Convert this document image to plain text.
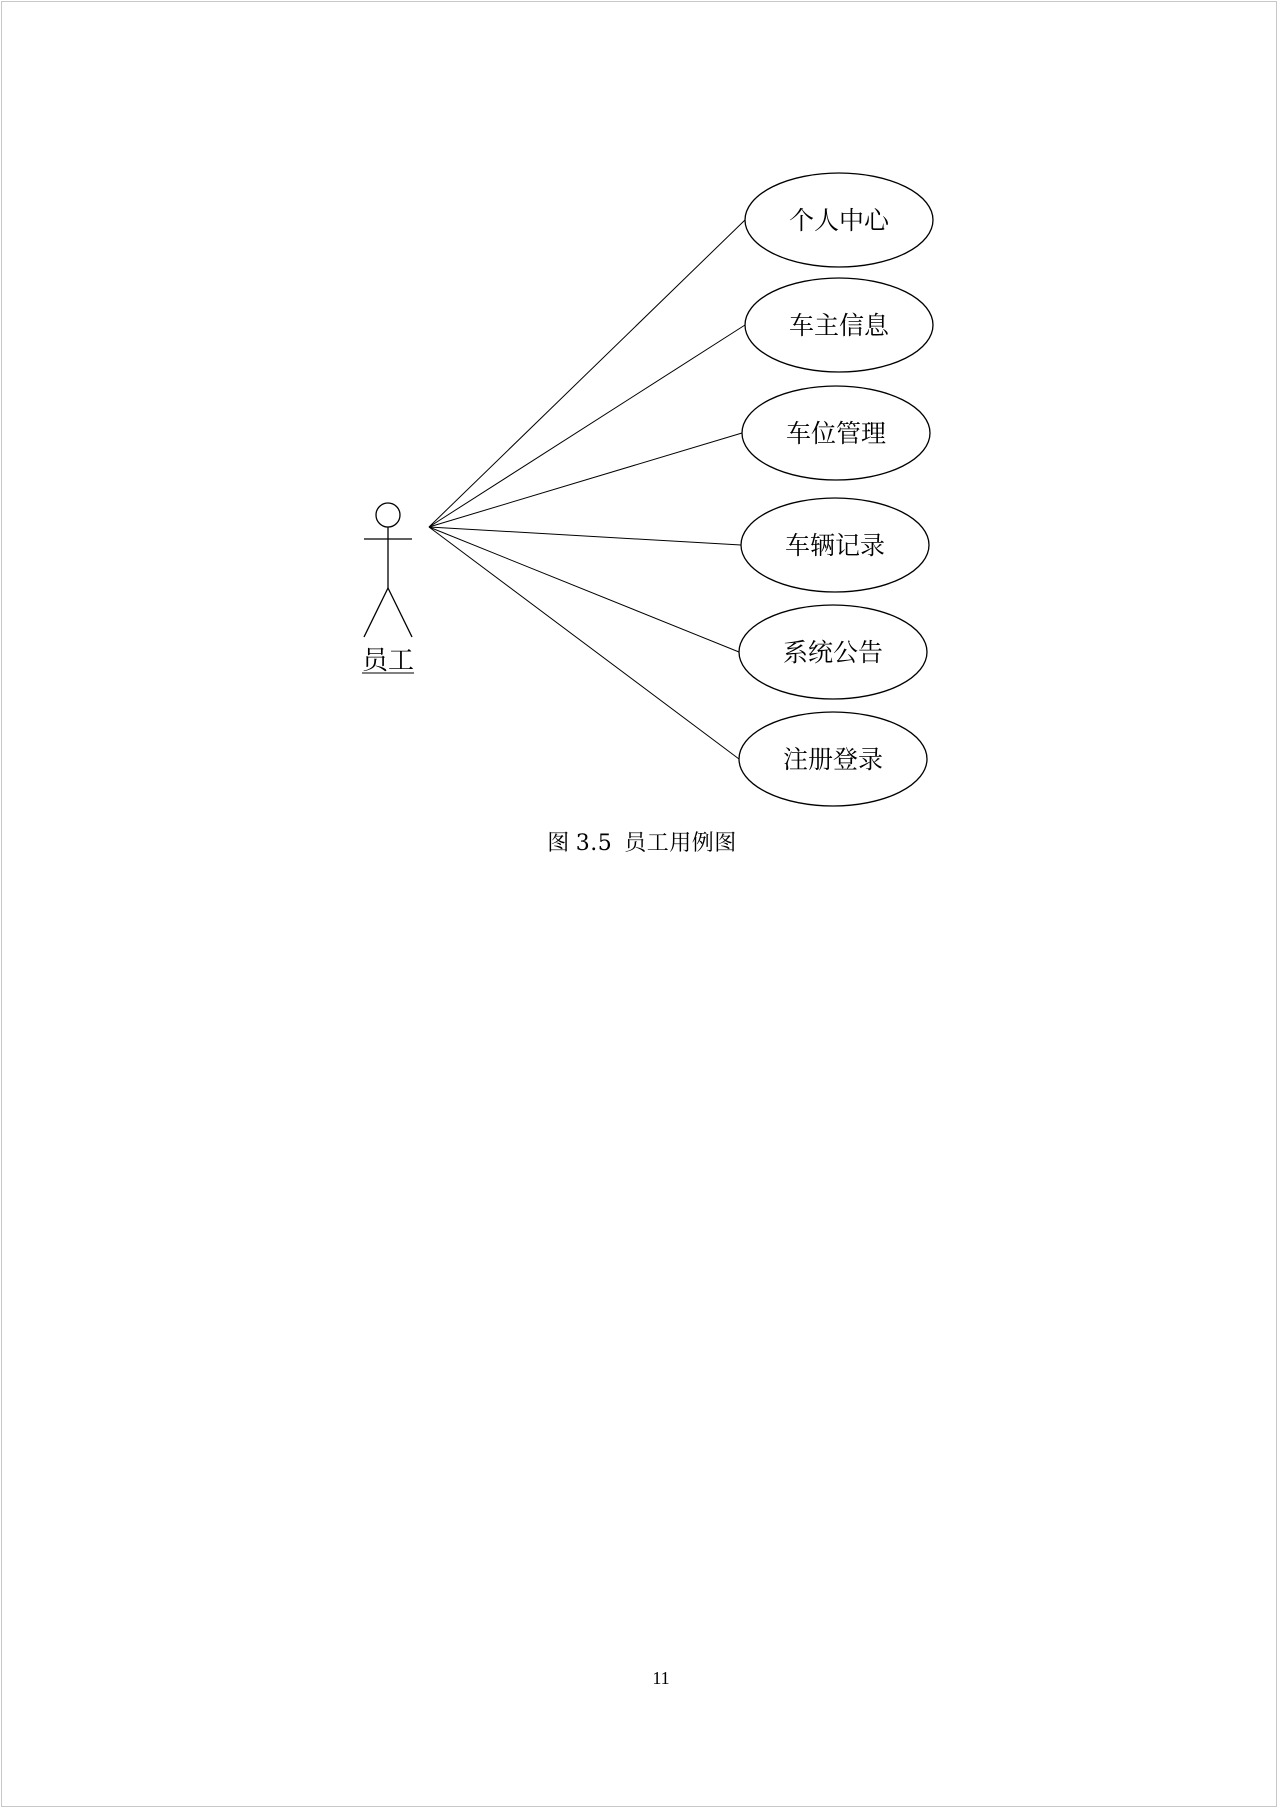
员工
个人中心
车主信息
车位管理
车辆记录
系统公告
注册登录
图 3.5 员工用例图
11
